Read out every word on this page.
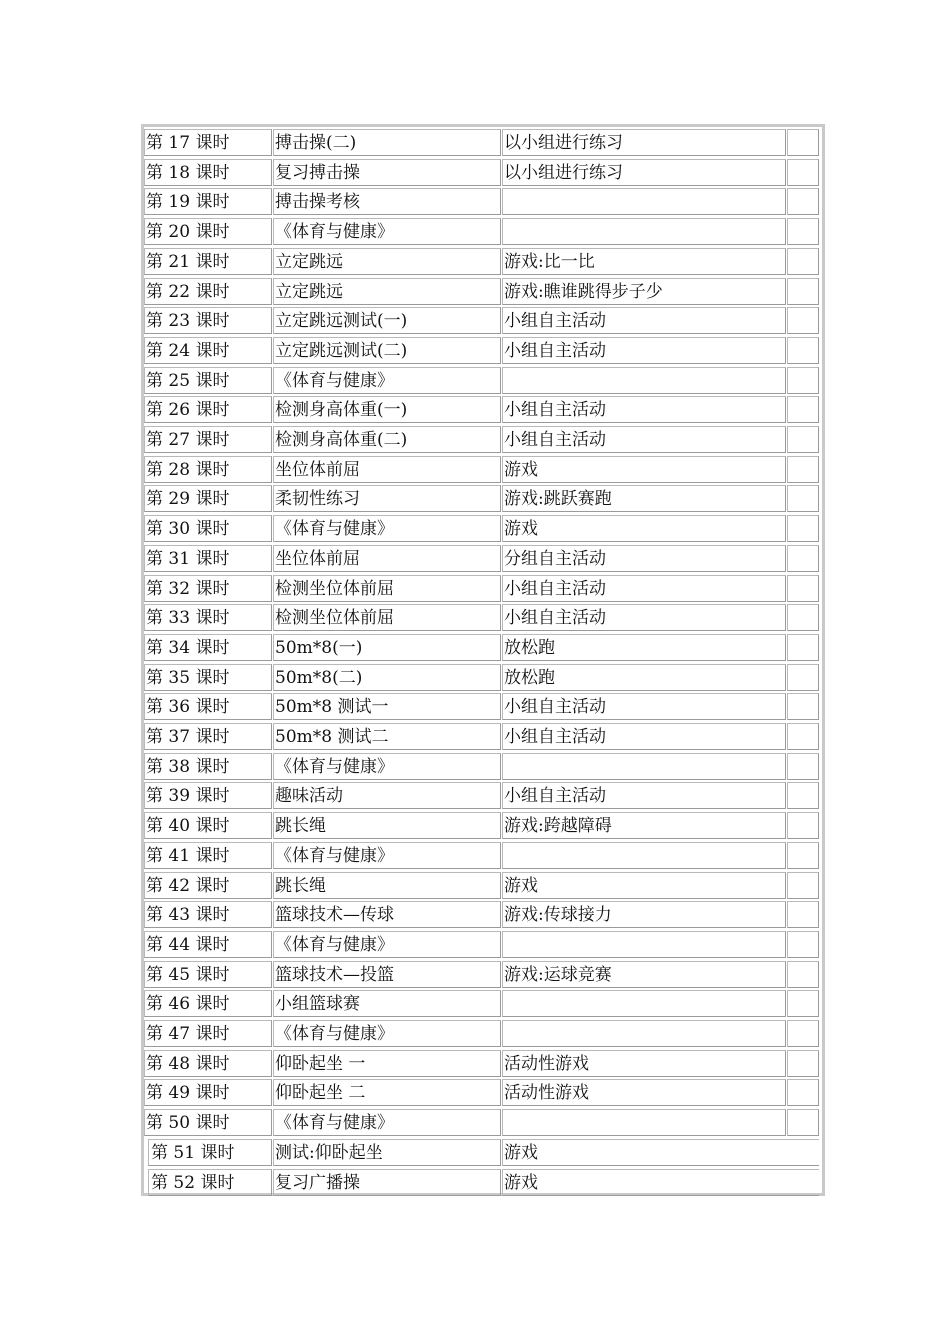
第 17 课时	搏击操(二)	以小组进行练习
第 18 课时	复习搏击操	以小组进行练习
第 19 课时	搏击操考核
第 20 课时	《体育与健康》
第 21 课时	立定跳远	游戏:比一比
第 22 课时	立定跳远	游戏:瞧谁跳得步子少
第 23 课时	立定跳远测试(一)	小组自主活动
第 24 课时	立定跳远测试(二)	小组自主活动
第 25 课时	《体育与健康》
第 26 课时	检测身高体重(一)	小组自主活动
第 27 课时	检测身高体重(二)	小组自主活动
第 28 课时	坐位体前屈	游戏
第 29 课时	柔韧性练习	游戏:跳跃赛跑
第 30 课时	《体育与健康》	游戏
第 31 课时	坐位体前屈	分组自主活动
第 32 课时	检测坐位体前屈	小组自主活动
第 33 课时	检测坐位体前屈	小组自主活动
第 34 课时	50m*8(一)	放松跑
第 35 课时	50m*8(二)	放松跑
第 36 课时	50m*8 测试一	小组自主活动
第 37 课时	50m*8 测试二	小组自主活动
第 38 课时	《体育与健康》
第 39 课时	趣味活动	小组自主活动
第 40 课时	跳长绳	游戏:跨越障碍
第 41 课时	《体育与健康》
第 42 课时	跳长绳	游戏
第 43 课时	篮球技术—传球	游戏:传球接力
第 44 课时	《体育与健康》
第 45 课时	篮球技术—投篮	游戏:运球竞赛
第 46 课时	小组篮球赛
第 47 课时	《体育与健康》
第 48 课时	仰卧起坐 一	活动性游戏
第 49 课时	仰卧起坐 二	活动性游戏
第 50 课时	《体育与健康》
第 51 课时	测试:仰卧起坐	游戏
第 52 课时	复习广播操	游戏
